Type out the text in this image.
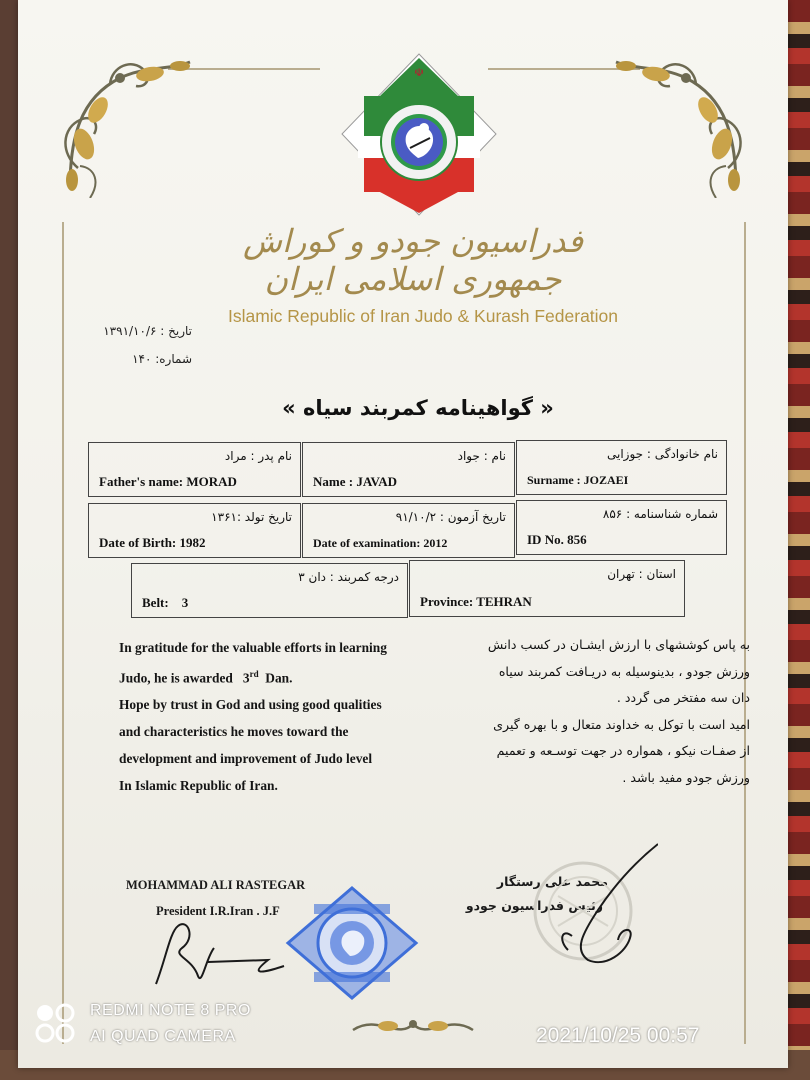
☫
فدراسیون جودو و کوراش جمهوری اسلامی ایران
Islamic Republic of Iran Judo & Kurash Federation
تاریخ : ۱۳۹۱/۱۰/۶
شماره: ۱۴۰
« گواهینامه کمربند سیاه »
نام پدر : مراد
Father's name: MORAD
نام : جواد
Name : JAVAD
نام خانوادگی : جوزایی
Surname : JOZAEI
تاریخ تولد :۱۳۶۱
Date of Birth: 1982
تاریخ آزمون : ۹۱/۱۰/۲
Date of examination: 2012
شماره شناسنامه : ۸۵۶
ID No. 856
درجه کمربند : دان ۳
Belt:    3
استان : تهران
Province: TEHRAN

In gratitude for the valuable efforts in learning

Judo, he is awarded   3rd  Dan.

Hope by trust in God and using good qualities

and characteristics he moves toward the

development and improvement of Judo level

In Islamic Republic of Iran.

به پاس کوششهای با ارزش ایشـان در کسب دانش

ورزش جودو ، بدینوسیله به دریـافت کمربند سیاه

دان سه مفتخر می گردد .

امید است با توکل به خداوند متعال و با بهره گیری

از صفـات نیکو ، همواره در جهت توسـعه و تعمیم

ورزش جودو مفید باشد .

MOHAMMAD ALI RASTEGAR
President I.R.Iran . J.F
محمد علی رستگار
رئیس فدراسیون جودو
REDMI NOTE 8 PRO
AI QUAD CAMERA	2021/10/25 00:57
